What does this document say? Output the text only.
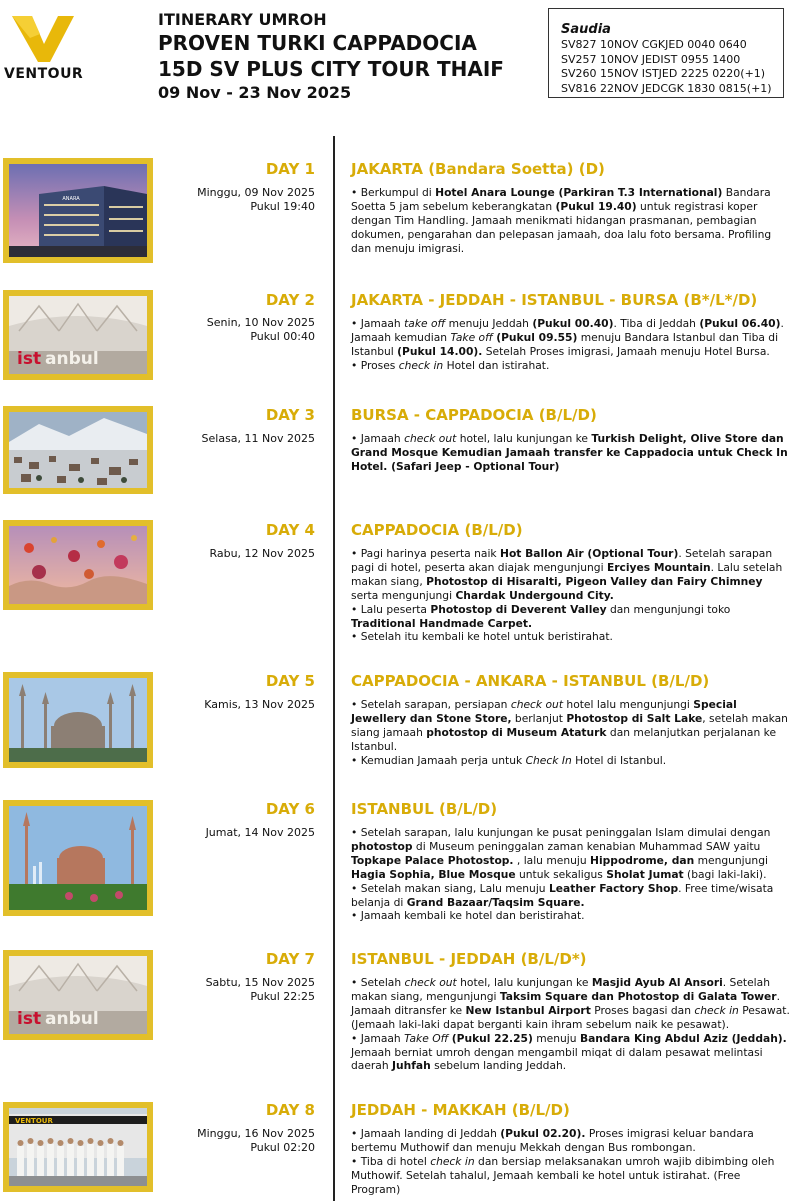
VENTOUR
ITINERARY UMROH
PROVEN TURKI CAPPADOCIA
15D SV PLUS CITY TOUR THAIF
09 Nov - 23 Nov 2025
Saudia
SV827 10NOV CGKJED 0040 0640
SV257 10NOV JEDIST 0955 1400
SV260 15NOV ISTJED 2225 0220(+1)
SV816 22NOV JEDCGK 1830 0815(+1)
ANARA
DAY 1
Minggu, 09 Nov 2025
Pukul 19:40
JAKARTA (Bandara Soetta) (D)
• Berkumpul di Hotel Anara Lounge (Parkiran T.3 International) Bandara Soetta 5 jam sebelum keberangkatan (Pukul 19.40) untuk registrasi koper dengan Tim Handling. Jamaah menikmati hidangan prasmanan, pembagian dokumen, pengarahan dan pelepasan jamaah, doa lalu foto bersama. Profiling dan menuju imigrasi.
ist anbul
DAY 2
Senin, 10 Nov 2025
Pukul 00:40
JAKARTA - JEDDAH - ISTANBUL - BURSA (B*/L*/D)
• Jamaah take off menuju Jeddah (Pukul 00.40). Tiba di Jeddah (Pukul 06.40). Jamaah kemudian Take off (Pukul 09.55) menuju Bandara Istanbul dan Tiba di Istanbul (Pukul 14.00). Setelah Proses imigrasi, Jamaah menuju Hotel Bursa.
• Proses check in Hotel dan istirahat.
DAY 3
Selasa, 11 Nov 2025
BURSA - CAPPADOCIA (B/L/D)
• Jamaah check out hotel, lalu kunjungan ke Turkish Delight, Olive Store dan Grand Mosque Kemudian Jamaah transfer ke Cappadocia untuk Check In Hotel. (Safari Jeep - Optional Tour)
DAY 4
Rabu, 12 Nov 2025
CAPPADOCIA (B/L/D)
• Pagi harinya peserta naik Hot Ballon Air (Optional Tour). Setelah sarapan pagi di hotel, peserta akan diajak mengunjungi Erciyes Mountain. Lalu setelah makan siang, Photostop di Hisaralti, Pigeon Valley dan Fairy Chimney serta mengunjungi Chardak Undergound City.
• Lalu peserta Photostop di Deverent Valley dan mengunjungi toko Traditional Handmade Carpet.
• Setelah itu kembali ke hotel untuk beristirahat.
DAY 5
Kamis, 13 Nov 2025
CAPPADOCIA - ANKARA - ISTANBUL (B/L/D)
• Setelah sarapan, persiapan check out hotel lalu mengunjungi Special Jewellery dan Stone Store, berlanjut Photostop di Salt Lake, setelah makan siang jamaah photostop di Museum Ataturk dan melanjutkan perjalanan ke Istanbul.
• Kemudian Jamaah perja untuk Check In Hotel di Istanbul.
DAY 6
Jumat, 14 Nov 2025
ISTANBUL (B/L/D)
• Setelah sarapan, lalu kunjungan ke pusat peninggalan Islam dimulai dengan photostop di Museum peninggalan zaman kenabian Muhammad SAW yaitu Topkape Palace Photostop. , lalu menuju Hippodrome, dan mengunjungi Hagia Sophia, Blue Mosque untuk sekaligus Sholat Jumat (bagi laki-laki).
• Setelah makan siang, Lalu menuju Leather Factory Shop. Free time/wisata belanja di Grand Bazaar/Taqsim Square.
• Jamaah kembali ke hotel dan beristirahat.
ist anbul
DAY 7
Sabtu, 15 Nov 2025
Pukul 22:25
ISTANBUL - JEDDAH (B/L/D*)
• Setelah check out hotel, lalu kunjungan ke Masjid Ayub Al Ansori. Setelah makan siang, mengunjungi Taksim Square dan Photostop di Galata Tower. Jamaah ditransfer ke New Istanbul Airport Proses bagasi dan check in Pesawat. (Jemaah laki-laki dapat berganti kain ihram sebelum naik ke pesawat).
• Jamaah Take Off (Pukul 22.25) menuju Bandara King Abdul Aziz (Jeddah). Jemaah berniat umroh dengan mengambil miqat di dalam pesawat melintasi daerah Juhfah sebelum landing Jeddah.
VENTOUR
DAY 8
Minggu, 16 Nov 2025
Pukul 02:20
JEDDAH - MAKKAH (B/L/D)
• Jamaah landing di Jeddah (Pukul 02.20). Proses imigrasi keluar bandara bertemu Muthowif dan menuju Mekkah dengan Bus rombongan.
• Tiba di hotel check in dan bersiap melaksanakan umroh wajib dibimbing oleh Muthowif. Setelah tahalul, Jemaah kembali ke hotel untuk istirahat. (Free Program)
